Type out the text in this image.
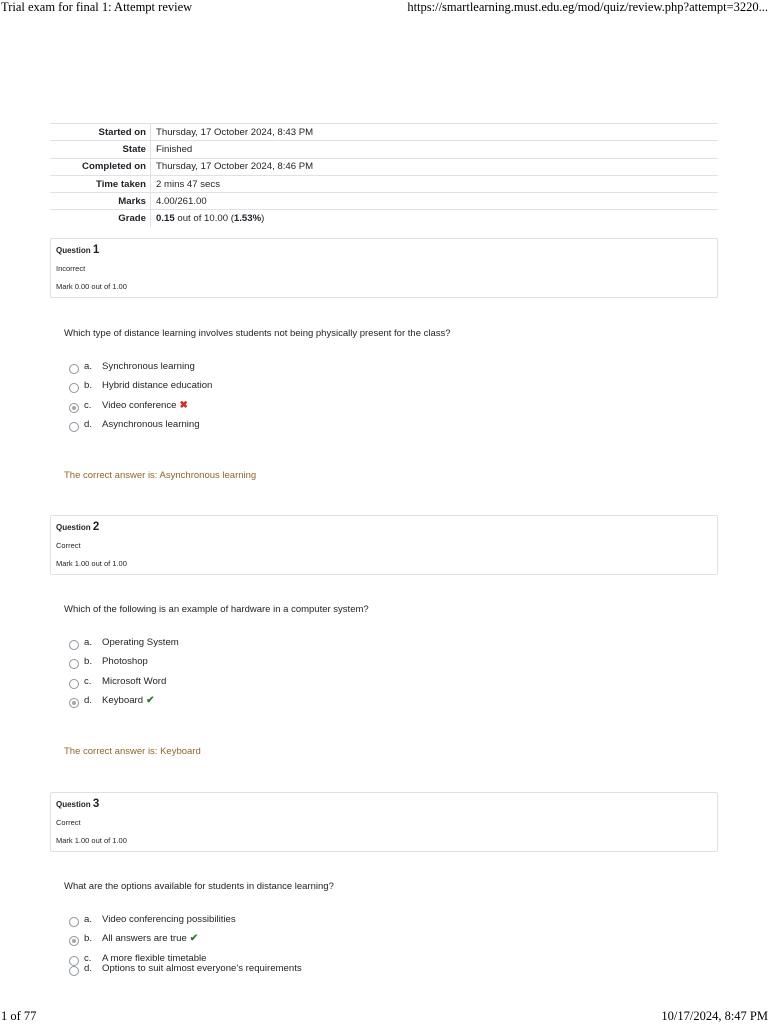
Trial exam for final 1: Attempt review	https://smartlearning.must.edu.eg/mod/quiz/review.php?attempt=3220...
Started on	Thursday, 17 October 2024, 8:43 PM
State	Finished
Completed on	Thursday, 17 October 2024, 8:46 PM
Time taken	2 mins 47 secs
Marks	4.00/261.00
Grade	0.15 out of 10.00 (1.53%)
Question 1
Incorrect
Mark 0.00 out of 1.00
Which type of distance learning involves students not being physically present for the class?
a. Synchronous learning
b. Hybrid distance education
c. Video conference ✖
d. Asynchronous learning
The correct answer is: Asynchronous learning
Question 2
Correct
Mark 1.00 out of 1.00
Which of the following is an example of hardware in a computer system?
a. Operating System
b. Photoshop
c. Microsoft Word
d. Keyboard ✔
The correct answer is: Keyboard
Question 3
Correct
Mark 1.00 out of 1.00
What are the options available for students in distance learning?
a. Video conferencing possibilities
b. All answers are true ✔
c. A more flexible timetable
d. Options to suit almost everyone's requirements
1 of 77	10/17/2024, 8:47 PM
